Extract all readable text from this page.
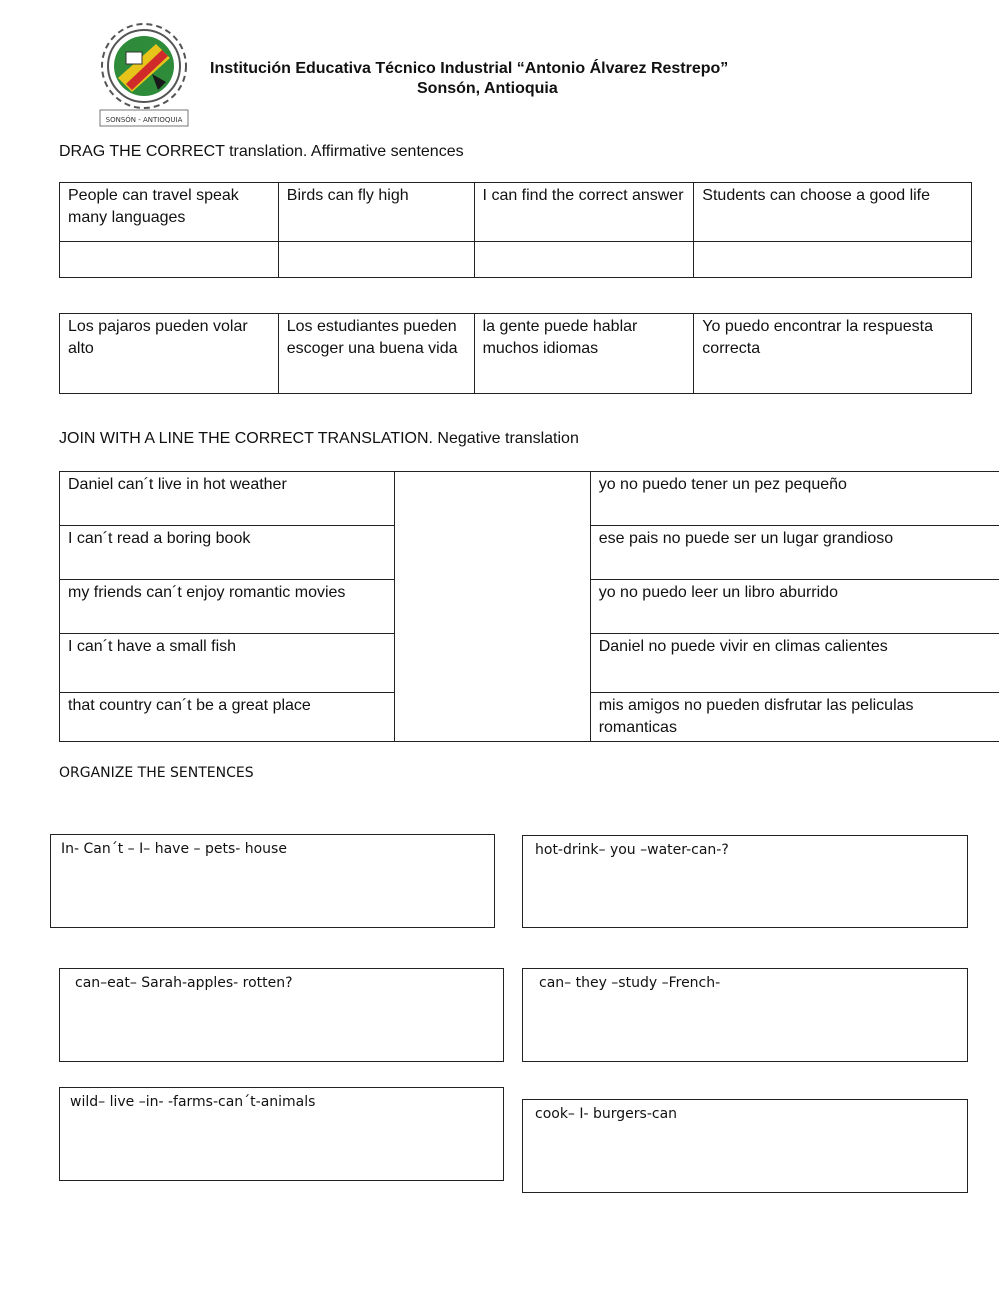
SONSÓN - ANTIOQUIA
Institución Educativa Técnico Industrial “Antonio Álvarez Restrepo”
Sonsón, Antioquia
DRAG THE CORRECT translation. Affirmative sentences
People can travel speak many languages	Birds can fly high	I can find the correct answer	Students can choose a good life

Los pajaros pueden volar alto	Los estudiantes pueden escoger una buena vida	la gente puede hablar muchos idiomas	Yo puedo encontrar la respuesta correcta
JOIN WITH A LINE THE CORRECT TRANSLATION. Negative translation
Daniel can´t live in hot weather		yo no puedo tener un pez pequeño
I can´t read a boring book		ese pais no puede ser un lugar grandioso
my friends can´t enjoy romantic movies		yo no puedo leer un libro aburrido
I can´t have a small fish		Daniel no puede vivir en climas calientes
that country can´t be a great place		mis amigos no pueden disfrutar las peliculas romanticas
ORGANIZE THE SENTENCES
In- Can´t – I– have – pets- house	hot-drink– you –water-can-?
can–eat– Sarah-apples- rotten?	can– they –study –French-
wild– live –in- -farms-can´t-animals
cook– I- burgers-can
